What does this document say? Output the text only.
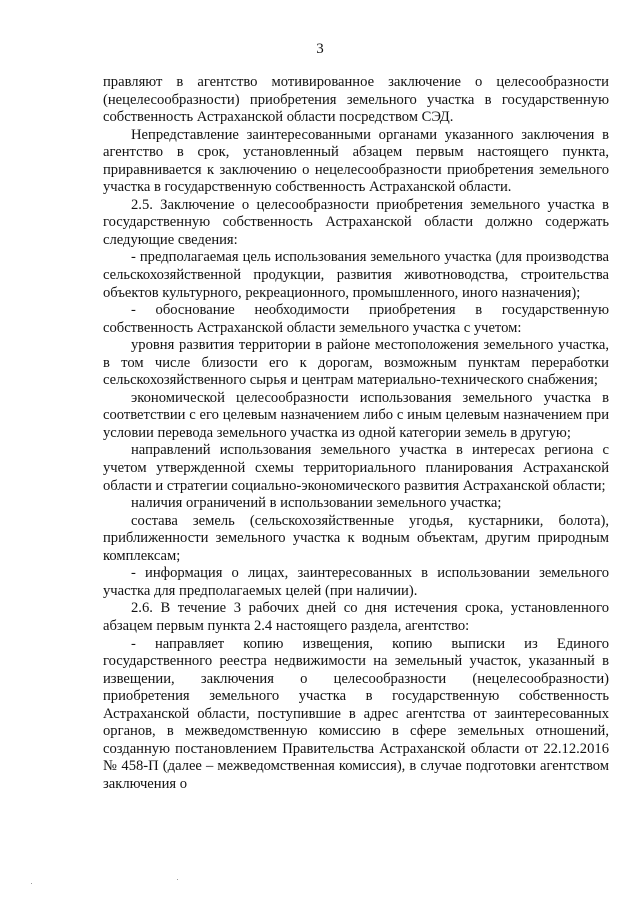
3

правляют в агентство мотивированное заключение о целесообразности (нецелесообразности) приобретения земельного участка в государственную собственность Астраханской области посредством СЭД.

Непредставление заинтересованными органами указанного заключения в агентство в срок, установленный абзацем первым настоящего пункта, приравнивается к заключению о нецелесообразности приобретения земельного участка в государственную собственность Астраханской области.

2.5. Заключение о целесообразности приобретения земельного участка в государственную собственность Астраханской области должно содержать следующие сведения:

- предполагаемая цель использования земельного участка (для производства сельскохозяйственной продукции, развития животноводства, строительства объектов культурного, рекреационного, промышленного, иного назначения);

- обоснование необходимости приобретения в государственную собственность Астраханской области земельного участка с учетом:

уровня развития территории в районе местоположения земельного участка, в том числе близости его к дорогам, возможным пунктам переработки сельскохозяйственного сырья и центрам материально-технического снабжения;

экономической целесообразности использования земельного участка в соответствии с его целевым назначением либо с иным целевым назначением при условии перевода земельного участка из одной категории земель в другую;

направлений использования земельного участка в интересах региона с учетом утвержденной схемы территориального планирования Астраханской области и стратегии социально-экономического развития Астраханской области;

наличия ограничений в использовании земельного участка;

состава земель (сельскохозяйственные угодья, кустарники, болота), приближенности земельного участка к водным объектам, другим природным комплексам;

- информация о лицах, заинтересованных в использовании земельного участка для предполагаемых целей (при наличии).

2.6. В течение 3 рабочих дней со дня истечения срока, установленного абзацем первым пункта 2.4 настоящего раздела, агентство:

- направляет копию извещения, копию выписки из Единого государственного реестра недвижимости на земельный участок, указанный в извещении, заключения о целесообразности (нецелесообразности) приобретения земельного участка в государственную собственность Астраханской области, поступившие в адрес агентства от заинтересованных органов, в межведомственную комиссию в сфере земельных отношений, созданную постановлением Правительства Астраханской области от 22.12.2016 № 458-П (далее – межведомственная комиссия), в случае подготовки агентством заключения о
